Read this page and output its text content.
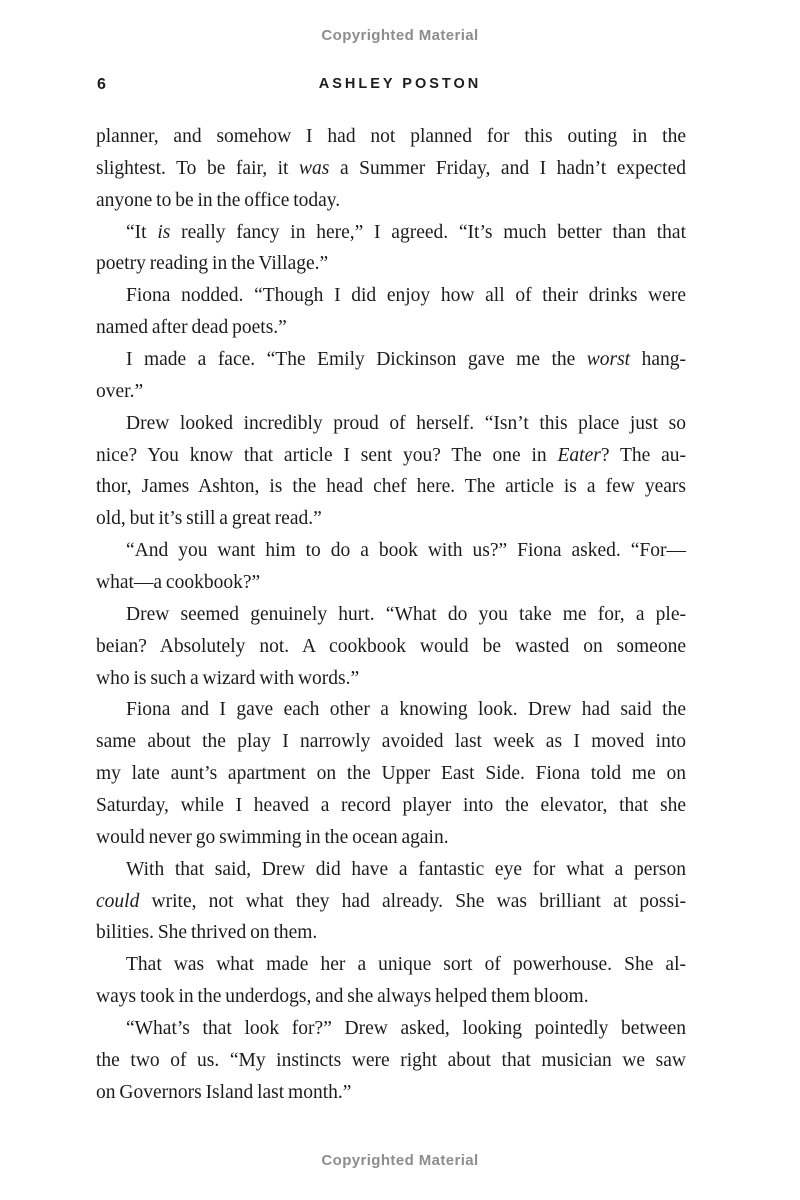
Copyrighted Material
6	ASHLEY POSTON
planner, and somehow I had not planned for this outing in the
slightest. To be fair, it was a Summer Friday, and I hadn’t expected
anyone to be in the office today.
“It is really fancy in here,” I agreed. “It’s much better than that
poetry reading in the Village.”
Fiona nodded. “Though I did enjoy how all of their drinks were
named after dead poets.”
I made a face. “The Emily Dickinson gave me the worst hang-
over.”
Drew looked incredibly proud of herself. “Isn’t this place just so
nice? You know that article I sent you? The one in Eater? The au-
thor, James Ashton, is the head chef here. The article is a few years
old, but it’s still a great read.”
“And you want him to do a book with us?” Fiona asked. “For—
what—a cookbook?”
Drew seemed genuinely hurt. “What do you take me for, a ple-
beian? Absolutely not. A cookbook would be wasted on someone
who is such a wizard with words.”
Fiona and I gave each other a knowing look. Drew had said the
same about the play I narrowly avoided last week as I moved into
my late aunt’s apartment on the Upper East Side. Fiona told me on
Saturday, while I heaved a record player into the elevator, that she
would never go swimming in the ocean again.
With that said, Drew did have a fantastic eye for what a person
could write, not what they had already. She was brilliant at possi-
bilities. She thrived on them.
That was what made her a unique sort of powerhouse. She al-
ways took in the underdogs, and she always helped them bloom.
“What’s that look for?” Drew asked, looking pointedly between
the two of us. “My instincts were right about that musician we saw
on Governors Island last month.”
Copyrighted Material
